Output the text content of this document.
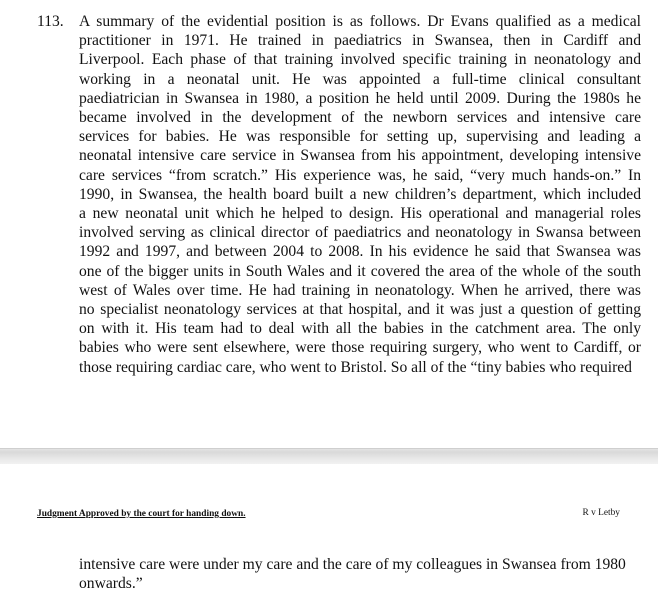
113. A summary of the evidential position is as follows. Dr Evans qualified as a medical
practitioner in 1971. He trained in paediatrics in Swansea, then in Cardiff and
Liverpool. Each phase of that training involved specific training in neonatology and
working in a neonatal unit. He was appointed a full-time clinical consultant
paediatrician in Swansea in 1980, a position he held until 2009. During the 1980s he
became involved in the development of the newborn services and intensive care
services for babies. He was responsible for setting up, supervising and leading a
neonatal intensive care service in Swansea from his appointment, developing intensive
care services “from scratch.” His experience was, he said, “very much hands-on.” In
1990, in Swansea, the health board built a new children’s department, which included
a new neonatal unit which he helped to design. His operational and managerial roles
involved serving as clinical director of paediatrics and neonatology in Swansa between
1992 and 1997, and between 2004 to 2008. In his evidence he said that Swansea was
one of the bigger units in South Wales and it covered the area of the whole of the south
west of Wales over time. He had training in neonatology. When he arrived, there was
no specialist neonatology services at that hospital, and it was just a question of getting
on with it. His team had to deal with all the babies in the catchment area. The only
babies who were sent elsewhere, were those requiring surgery, who went to Cardiff, or
those requiring cardiac care, who went to Bristol. So all of the “tiny babies who required
Judgment Approved by the court for handing down.	R v Letby
intensive care were under my care and the care of my colleagues in Swansea from 1980
onwards.”
